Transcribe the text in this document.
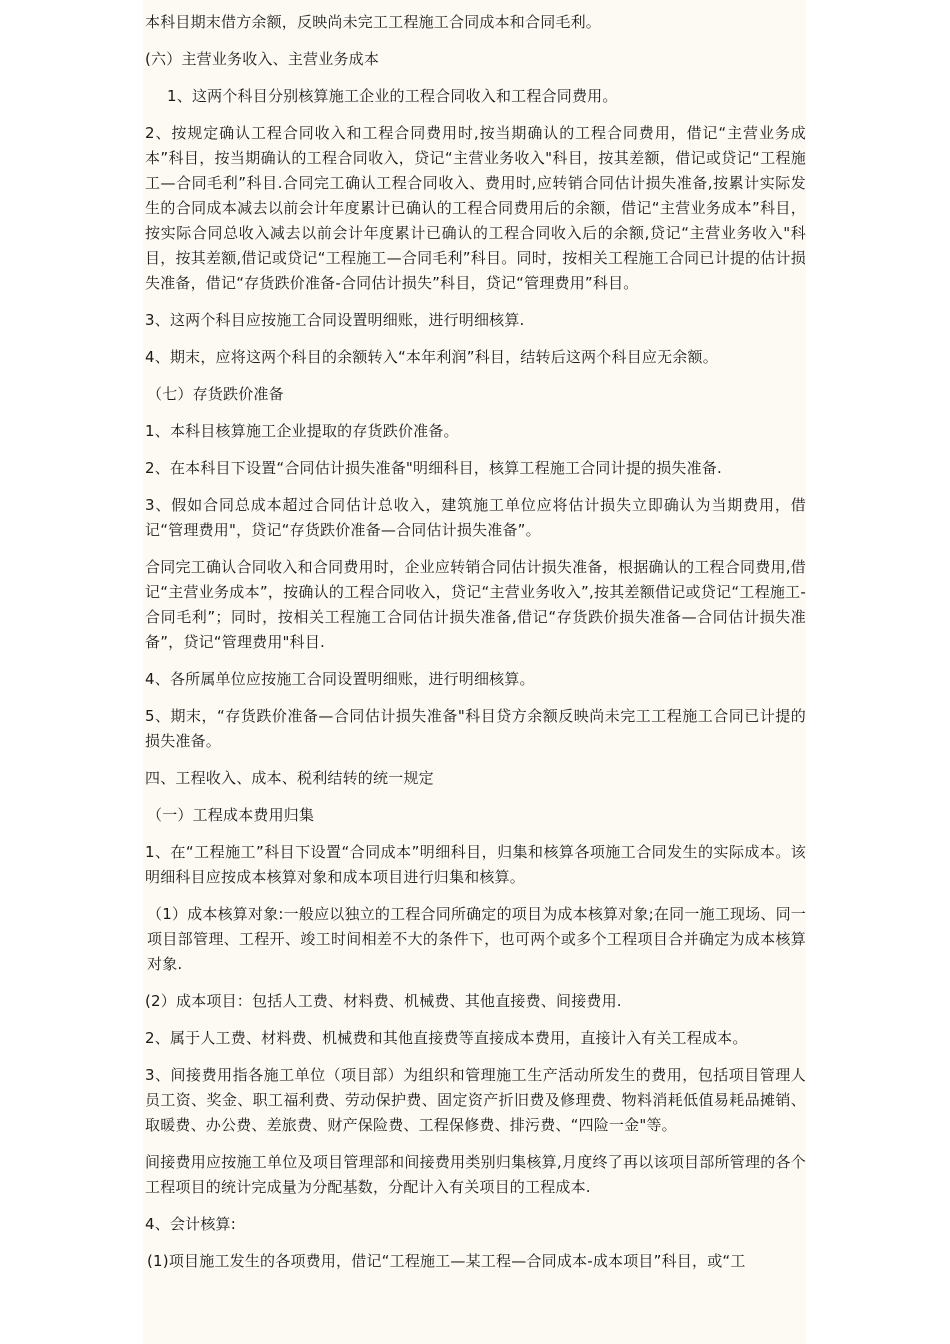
本科目期末借方余额，反映尚未完工工程施工合同成本和合同毛利。

(六）主营业务收入、主营业务成本

1、这两个科目分别核算施工企业的工程合同收入和工程合同费用。

2、按规定确认工程合同收入和工程合同费用时,按当期确认的工程合同费用，借记“主营业务成本”科目，按当期确认的工程合同收入，贷记“主营业务收入"科目，按其差额，借记或贷记“工程施工—合同毛利”科目.合同完工确认工程合同收入、费用时,应转销合同估计损失准备,按累计实际发生的合同成本减去以前会计年度累计已确认的工程合同费用后的余额，借记“主营业务成本”科目，按实际合同总收入减去以前会计年度累计已确认的工程合同收入后的余额,贷记“主营业务收入"科目，按其差额,借记或贷记“工程施工—合同毛利”科目。同时，按相关工程施工合同已计提的估计损失准备，借记“存货跌价准备-合同估计损失”科目，贷记“管理费用”科目。

3、这两个科目应按施工合同设置明细账，进行明细核算.

4、期末，应将这两个科目的余额转入“本年利润”科目，结转后这两个科目应无余额。

（七）存货跌价准备

1、本科目核算施工企业提取的存货跌价准备。

2、在本科目下设置“合同估计损失准备"明细科目，核算工程施工合同计提的损失准备.

3、假如合同总成本超过合同估计总收入，建筑施工单位应将估计损失立即确认为当期费用，借记“管理费用"，贷记“存货跌价准备—合同估计损失准备”。

合同完工确认合同收入和合同费用时，企业应转销合同估计损失准备，根据确认的工程合同费用,借记“主营业务成本”，按确认的工程合同收入，贷记“主营业务收入”,按其差额借记或贷记“工程施工-合同毛利”；同时，按相关工程施工合同估计损失准备,借记“存货跌价损失准备—合同估计损失准备”，贷记“管理费用"科目.

4、各所属单位应按施工合同设置明细账，进行明细核算。

5、期末，“存货跌价准备—合同估计损失准备"科目贷方余额反映尚未完工工程施工合同已计提的损失准备。

四、工程收入、成本、税利结转的统一规定

（一）工程成本费用归集

1、在“工程施工”科目下设置“合同成本”明细科目，归集和核算各项施工合同发生的实际成本。该明细科目应按成本核算对象和成本项目进行归集和核算。

（1）成本核算对象:一般应以独立的工程合同所确定的项目为成本核算对象;在同一施工现场、同一项目部管理、工程开、竣工时间相差不大的条件下，也可两个或多个工程项目合并确定为成本核算对象.

(2）成本项目：包括人工费、材料费、机械费、其他直接费、间接费用.

2、属于人工费、材料费、机械费和其他直接费等直接成本费用，直接计入有关工程成本。

3、间接费用指各施工单位（项目部）为组织和管理施工生产活动所发生的费用，包括项目管理人员工资、奖金、职工福利费、劳动保护费、固定资产折旧费及修理费、物料消耗低值易耗品摊销、取暖费、办公费、差旅费、财产保险费、工程保修费、排污费、“四险一金"等。

间接费用应按施工单位及项目管理部和间接费用类别归集核算,月度终了再以该项目部所管理的各个工程项目的统计完成量为分配基数，分配计入有关项目的工程成本.

4、会计核算:

(1)项目施工发生的各项费用，借记“工程施工—某工程—合同成本-成本项目”科目，或“工
